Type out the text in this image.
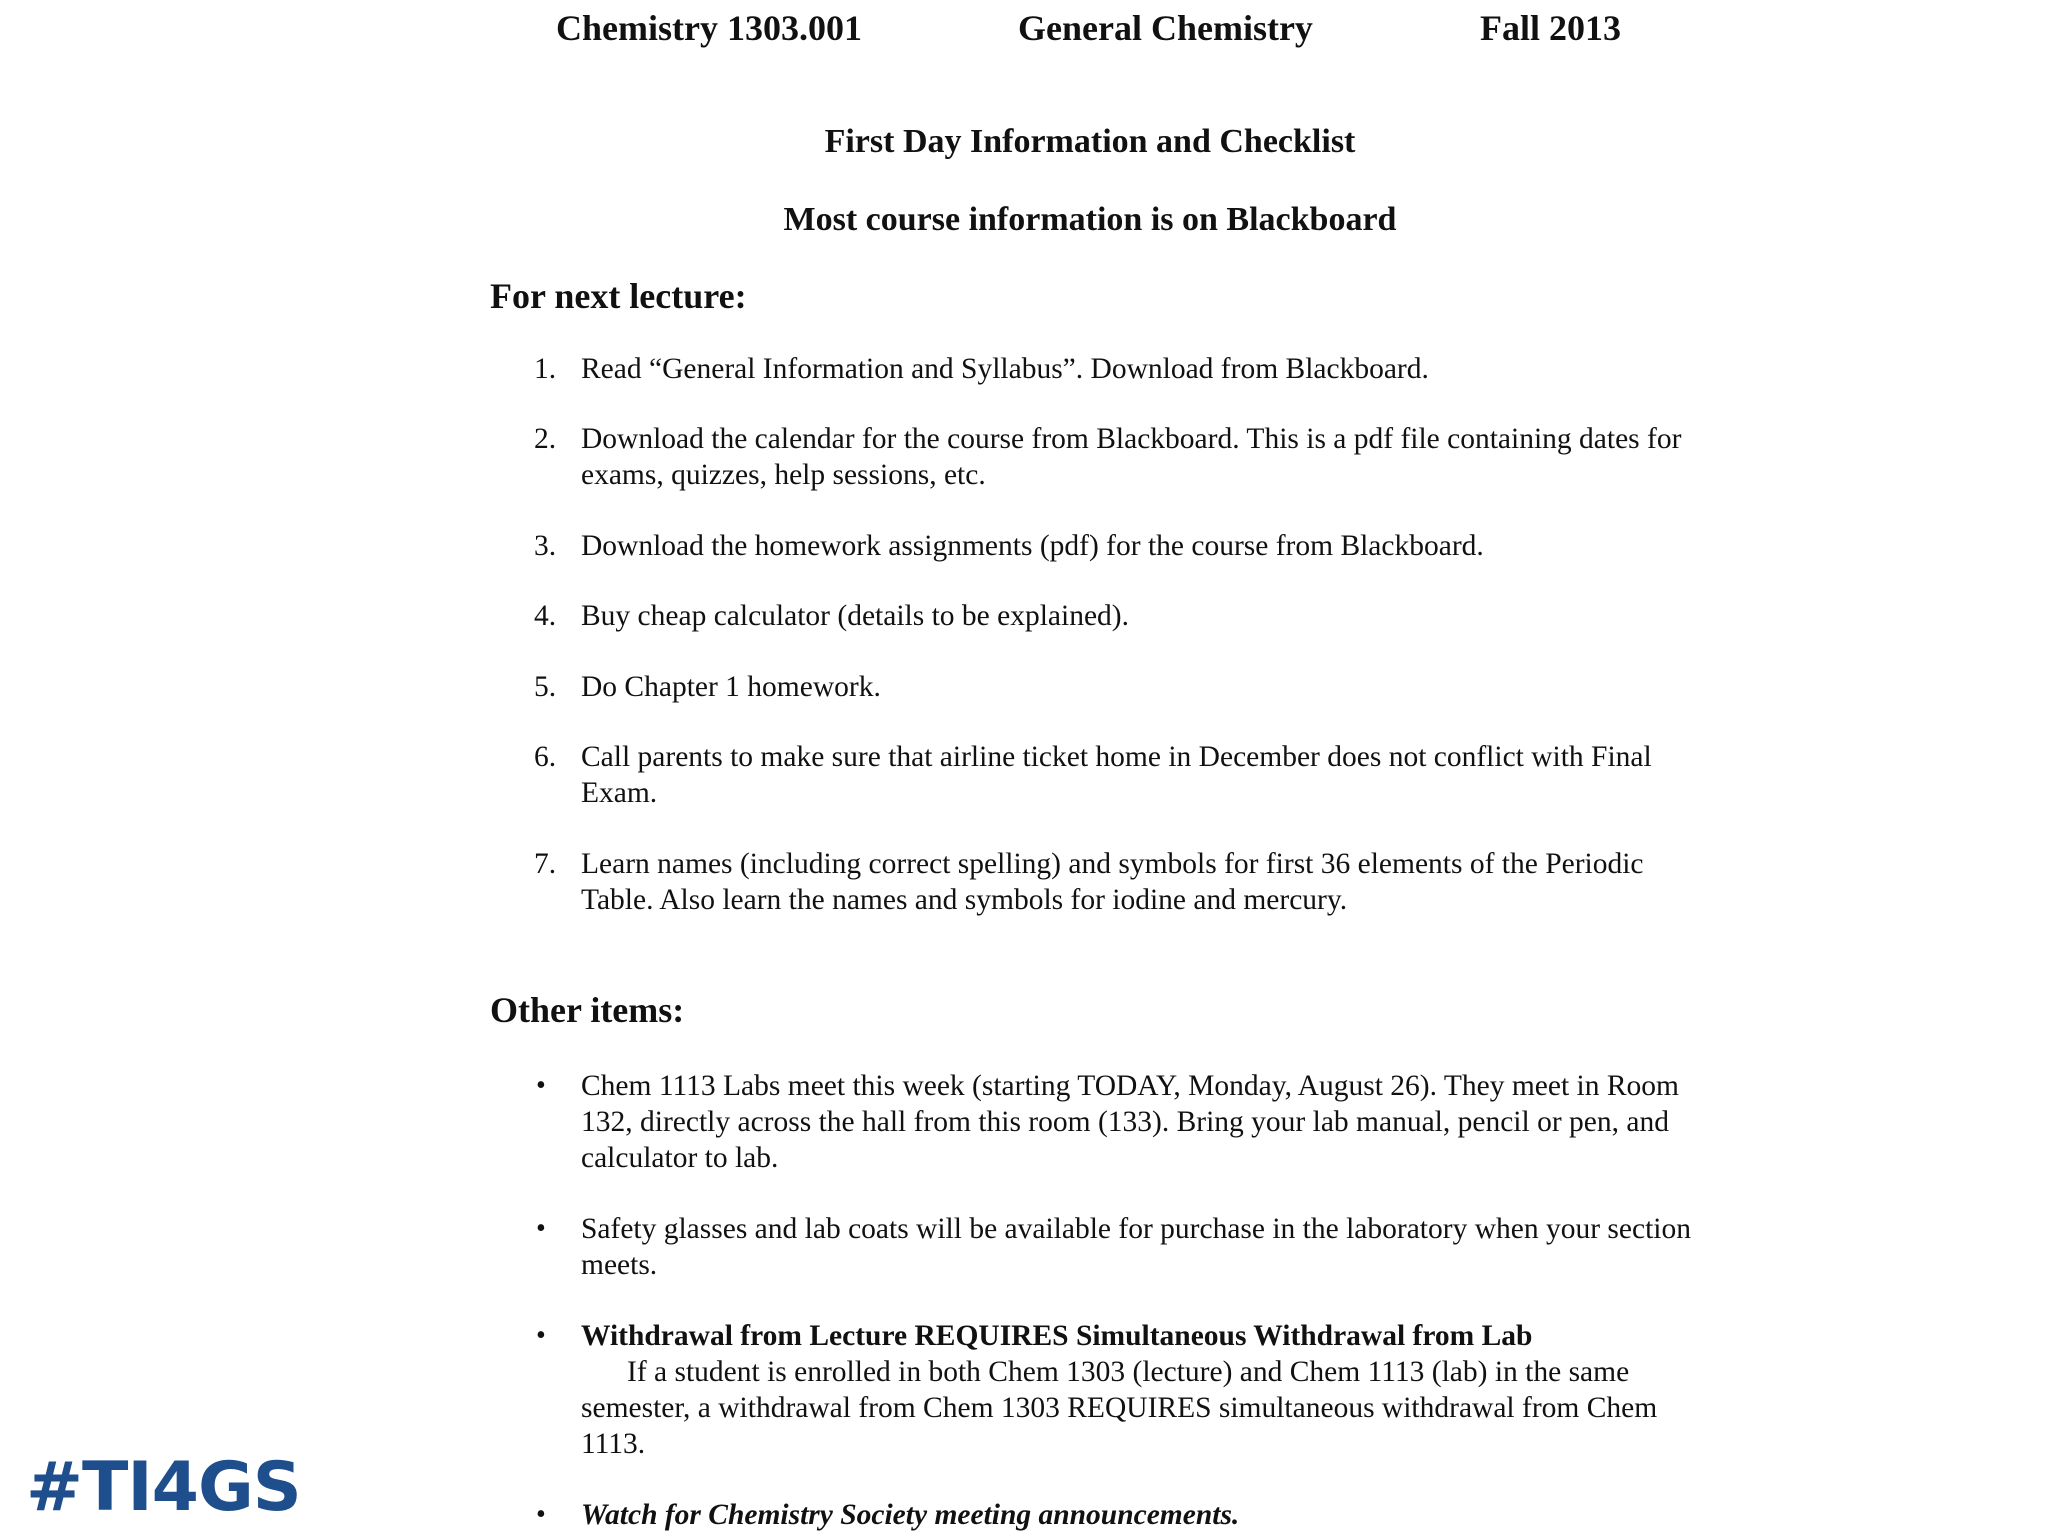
Chemistry 1303.001	General Chemistry	Fall 2013
First Day Information and Checklist
Most course information is on Blackboard
For next lecture:
1. Read “General Information and Syllabus”. Download from Blackboard.
2. Download the calendar for the course from Blackboard. This is a pdf file containing dates for exams, quizzes, help sessions, etc.
3. Download the homework assignments (pdf) for the course from Blackboard.
4. Buy cheap calculator (details to be explained).
5. Do Chapter 1 homework.
6. Call parents to make sure that airline ticket home in December does not conflict with Final Exam.
7. Learn names (including correct spelling) and symbols for first 36 elements of the Periodic Table. Also learn the names and symbols for iodine and mercury.
Other items:
• Chem 1113 Labs meet this week (starting TODAY, Monday, August 26). They meet in Room 132, directly across the hall from this room (133). Bring your lab manual, pencil or pen, and calculator to lab.
• Safety glasses and lab coats will be available for purchase in the laboratory when your section meets.
• Withdrawal from Lecture REQUIRES Simultaneous Withdrawal from Lab
If a student is enrolled in both Chem 1303 (lecture) and Chem 1113 (lab) in the same semester, a withdrawal from Chem 1303 REQUIRES simultaneous withdrawal from Chem 1113.
• Watch for Chemistry Society meeting announcements.
#TI4GS
